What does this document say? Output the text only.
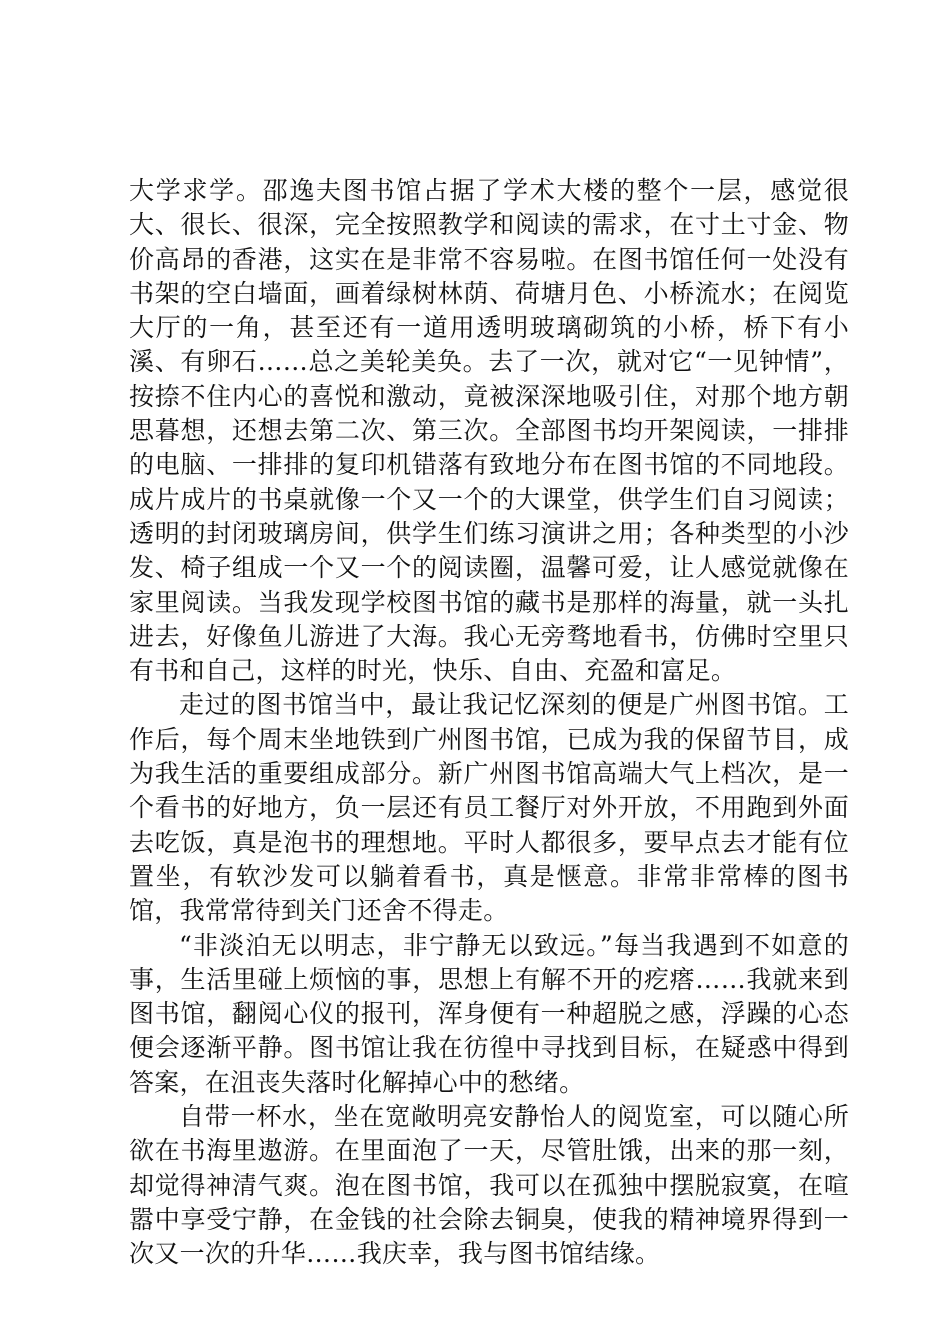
大学求学。邵逸夫图书馆占据了学术大楼的整个一层，感觉很大、很长、很深，完全按照教学和阅读的需求，在寸土寸金、物价高昂的香港，这实在是非常不容易啦。在图书馆任何一处没有书架的空白墙面，画着绿树林荫、荷塘月色、小桥流水；在阅览大厅的一角，甚至还有一道用透明玻璃砌筑的小桥，桥下有小溪、有卵石……总之美轮美奂。去了一次，就对它“一见钟情”，按捺不住内心的喜悦和激动，竟被深深地吸引住，对那个地方朝思暮想，还想去第二次、第三次。全部图书均开架阅读，一排排的电脑、一排排的复印机错落有致地分布在图书馆的不同地段。成片成片的书桌就像一个又一个的大课堂，供学生们自习阅读；透明的封闭玻璃房间，供学生们练习演讲之用；各种类型的小沙发、椅子组成一个又一个的阅读圈，温馨可爱，让人感觉就像在家里阅读。当我发现学校图书馆的藏书是那样的海量，就一头扎进去，好像鱼儿游进了大海。我心无旁骛地看书，仿佛时空里只有书和自己，这样的时光，快乐、自由、充盈和富足。

走过的图书馆当中，最让我记忆深刻的便是广州图书馆。工作后，每个周末坐地铁到广州图书馆，已成为我的保留节目，成为我生活的重要组成部分。新广州图书馆高端大气上档次，是一个看书的好地方，负一层还有员工餐厅对外开放，不用跑到外面去吃饭，真是泡书的理想地。平时人都很多，要早点去才能有位置坐，有软沙发可以躺着看书，真是惬意。非常非常棒的图书馆，我常常待到关门还舍不得走。

“非淡泊无以明志，非宁静无以致远。”每当我遇到不如意的事，生活里碰上烦恼的事，思想上有解不开的疙瘩……我就来到图书馆，翻阅心仪的报刊，浑身便有一种超脱之感，浮躁的心态便会逐渐平静。图书馆让我在彷徨中寻找到目标，在疑惑中得到答案，在沮丧失落时化解掉心中的愁绪。

自带一杯水，坐在宽敞明亮安静怡人的阅览室，可以随心所欲在书海里遨游。在里面泡了一天，尽管肚饿，出来的那一刻，却觉得神清气爽。泡在图书馆，我可以在孤独中摆脱寂寞，在喧嚣中享受宁静，在金钱的社会除去铜臭，使我的精神境界得到一次又一次的升华……我庆幸，我与图书馆结缘。
